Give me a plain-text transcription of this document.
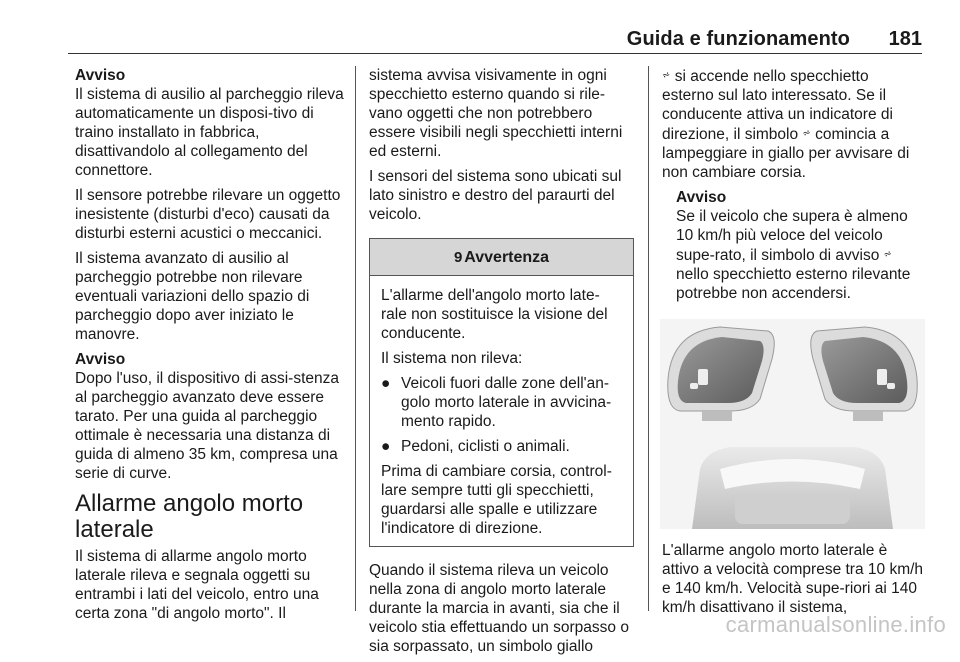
Guida e funzionamento 181
Avviso

Il sistema di ausilio al parcheggio rileva automaticamente un disposi-tivo di traino installato in fabbrica, disattivandolo al collegamento del connettore.

Il sensore potrebbe rilevare un oggetto inesistente (disturbi d'eco) causati da disturbi esterni acustici o meccanici.

Il sistema avanzato di ausilio al parcheggio potrebbe non rilevare eventuali variazioni dello spazio di parcheggio dopo aver iniziato le manovre.

Avviso

Dopo l'uso, il dispositivo di assi-stenza al parcheggio avanzato deve essere tarato. Per una guida al parcheggio ottimale è necessaria una distanza di guida di almeno 35 km, compresa una serie di curve.

Allarme angolo morto laterale

Il sistema di allarme angolo morto laterale rileva e segnala oggetti su entrambi i lati del veicolo, entro una certa zona "di angolo morto". Il

sistema avvisa visivamente in ogni specchietto esterno quando si rile-vano oggetti che non potrebbero essere visibili negli specchietti interni ed esterni.

I sensori del sistema sono ubicati sul lato sinistro e destro del paraurti del veicolo.

9 Avvertenza

L'allarme dell'angolo morto late-rale non sostituisce la visione del conducente.

Il sistema non rileva:

● Veicoli fuori dalle zone dell'an-golo morto laterale in avvicina-mento rapido.
● Pedoni, ciclisti o animali.

Prima di cambiare corsia, control-lare sempre tutti gli specchietti, guardarsi alle spalle e utilizzare l'indicatore di direzione.

Quando il sistema rileva un veicolo nella zona di angolo morto laterale durante la marcia in avanti, sia che il veicolo stia effettuando un sorpasso o sia sorpassato, un simbolo giallo

⩫ si accende nello specchietto esterno sul lato interessato. Se il conducente attiva un indicatore di direzione, il simbolo ⩫ comincia a lampeggiare in giallo per avvisare di non cambiare corsia.

Avviso

Se il veicolo che supera è almeno 10 km/h più veloce del veicolo supe-rato, il simbolo di avviso ⩫ nello specchietto esterno rilevante potrebbe non accendersi.

L'allarme angolo morto laterale è attivo a velocità comprese tra 10 km/h e 140 km/h. Velocità supe-riori ai 140 km/h disattivano il sistema,

carmanualsonline.info
